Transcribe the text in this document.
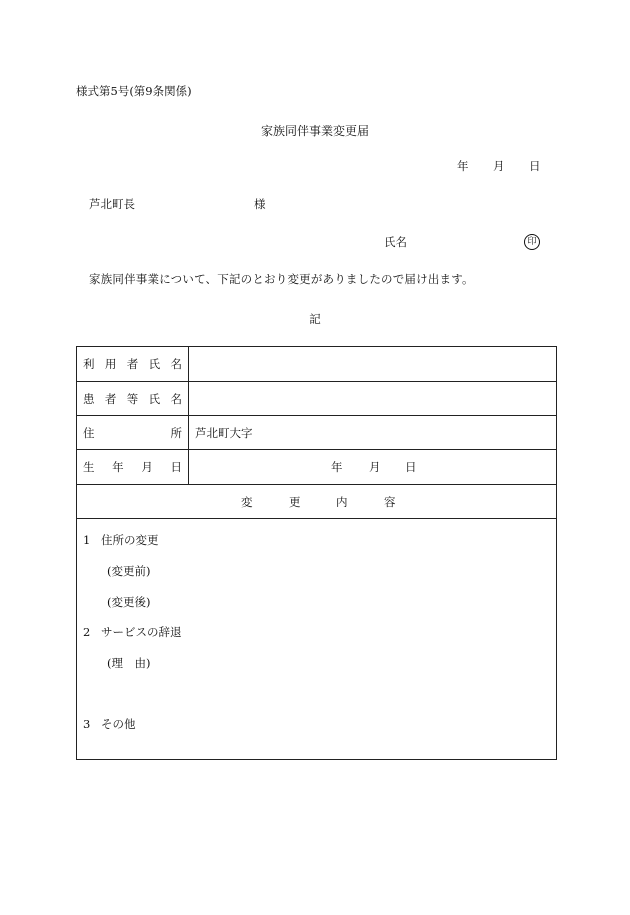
様式第5号(第9条関係)
家族同伴事業変更届
年 月 日
芦北町長	様
氏名	印
家族同伴事業について、下記のとおり変更がありましたので届け出ます。
記
利 用 者 氏 名
患 者 等 氏 名
住	所	芦北町大字
生 年 月 日	年 月 日
変	更	内	容
1 住所の変更
(変更前)
(変更後)
2 サービスの辞退
(理　由)
3 その他
